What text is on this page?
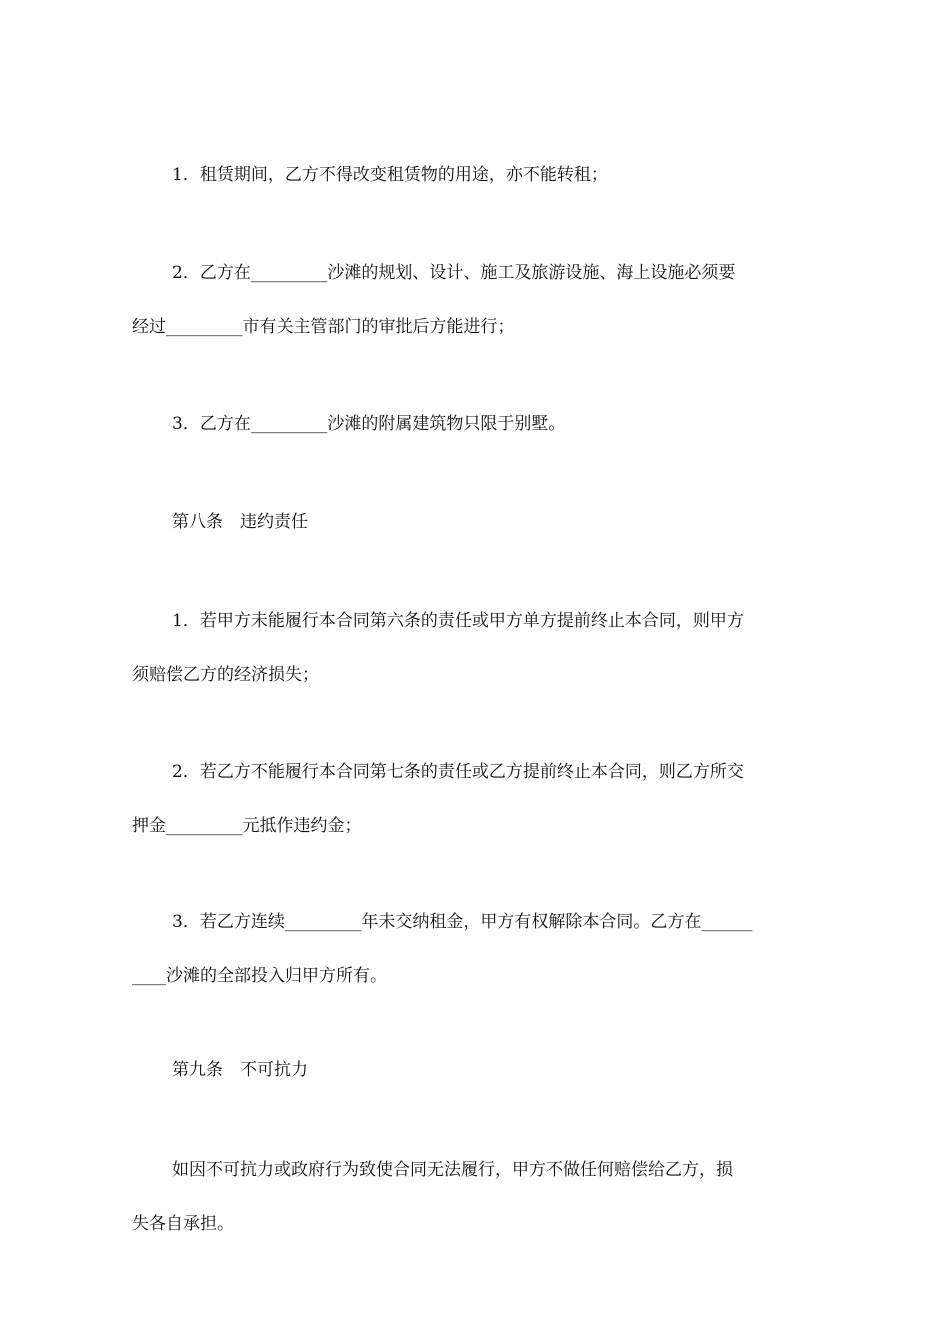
1．租赁期间，乙方不得改变租赁物的用途，亦不能转租；
2．乙方在_________沙滩的规划、设计、施工及旅游设施、海上设施必须要
经过_________市有关主管部门的审批后方能进行；
3．乙方在_________沙滩的附属建筑物只限于别墅。
第八条　违约责任
1．若甲方未能履行本合同第六条的责任或甲方单方提前终止本合同，则甲方
须赔偿乙方的经济损失；
2．若乙方不能履行本合同第七条的责任或乙方提前终止本合同，则乙方所交
押金_________元抵作违约金；
3．若乙方连续_________年未交纳租金，甲方有权解除本合同。乙方在______
____沙滩的全部投入归甲方所有。
第九条　不可抗力
如因不可抗力或政府行为致使合同无法履行，甲方不做任何赔偿给乙方，损
失各自承担。
